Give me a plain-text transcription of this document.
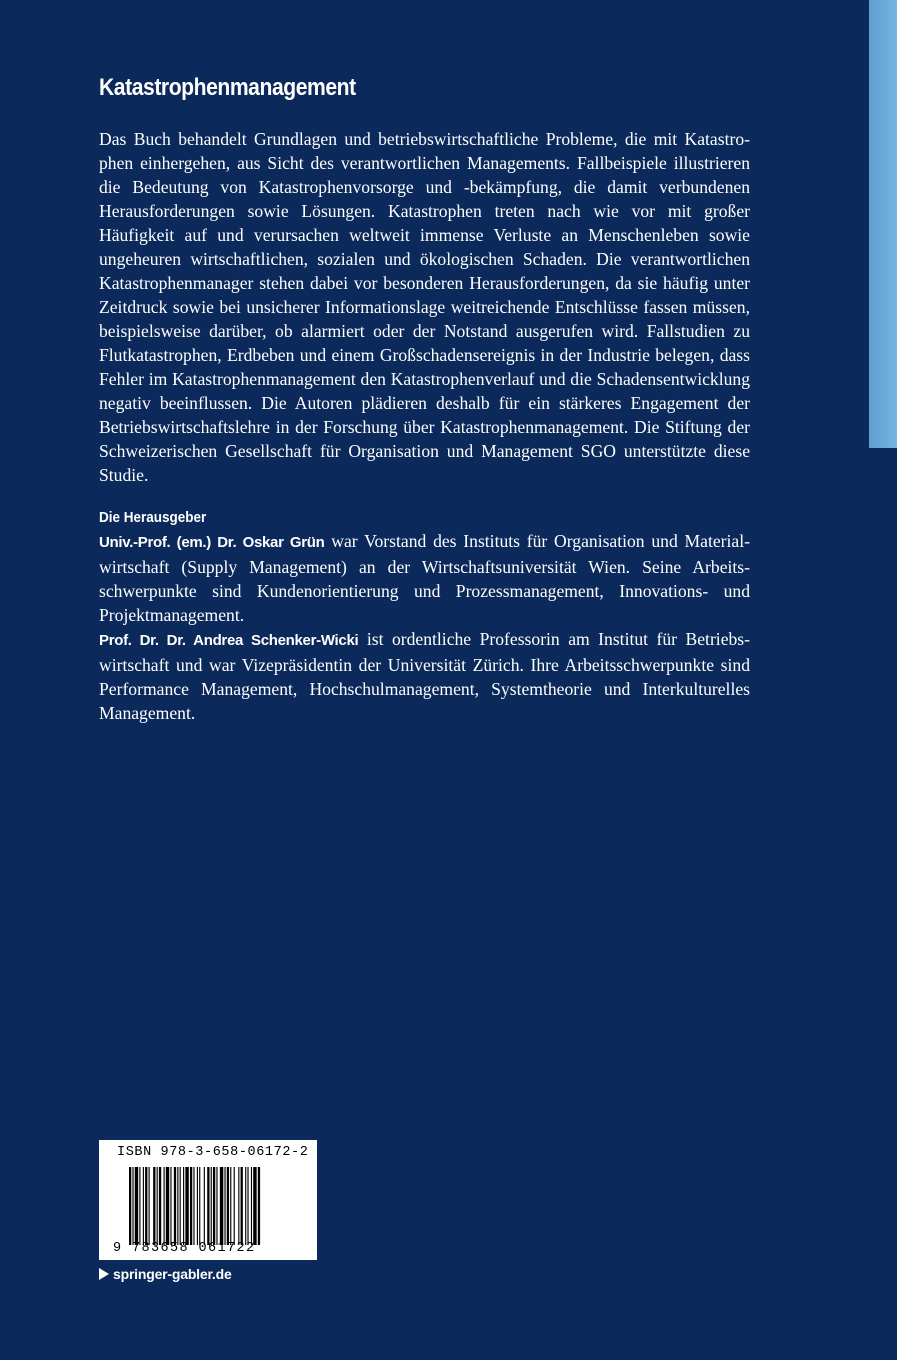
Katastrophenmanagement

Das Buch behandelt Grundlagen und betriebswirtschaftliche Probleme, die mit Katastrophen einhergehen, aus Sicht des verantwortlichen Managements. Fallbeispiele illustrieren die Bedeutung von Katastrophenvorsorge und -bekämpfung, die damit verbundenen Herausforderungen sowie Lösungen. Katastrophen treten nach wie vor mit großer Häufigkeit auf und verursachen weltweit immense Verluste an Menschenleben sowie ungeheuren wirtschaftlichen, sozialen und ökologischen Schaden. Die verantwortlichen Katastrophenmanager stehen dabei vor besonderen Herausforderungen, da sie häufig unter Zeitdruck sowie bei unsicherer Informationslage weitreichende Entschlüsse fassen müssen, beispielsweise darüber, ob alarmiert oder der Notstand ausgerufen wird. Fallstudien zu Flutkatastrophen, Erdbeben und einem Großschadensereignis in der Industrie belegen, dass Fehler im Katastrophenmanagement den Katastrophenverlauf und die Schadensentwicklung negativ beeinflussen. Die Autoren plädieren deshalb für ein stärkeres Engagement der Betriebswirtschaftslehre in der Forschung über Katastrophenmanagement. Die Stiftung der Schweizerischen Gesellschaft für Organisation und Management SGO unterstützte diese Studie.

Die Herausgeber

Univ.-Prof. (em.) Dr. Oskar Grün war Vorstand des Instituts für Organisation und Materialwirtschaft (Supply Management) an der Wirtschaftsuniversität Wien. Seine Arbeitsschwerpunkte sind Kundenorientierung und Prozessmanagement, Innovations- und Projektmanagement.

Prof. Dr. Dr. Andrea Schenker-Wicki ist ordentliche Professorin am Institut für Betriebswirtschaft und war Vizepräsidentin der Universität Zürich. Ihre Arbeitsschwerpunkte sind Performance Management, Hochschulmanagement, Systemtheorie und Interkulturelles Management.

ISBN 978-3-658-06172-2
9 783658 061722
springer-gabler.de
